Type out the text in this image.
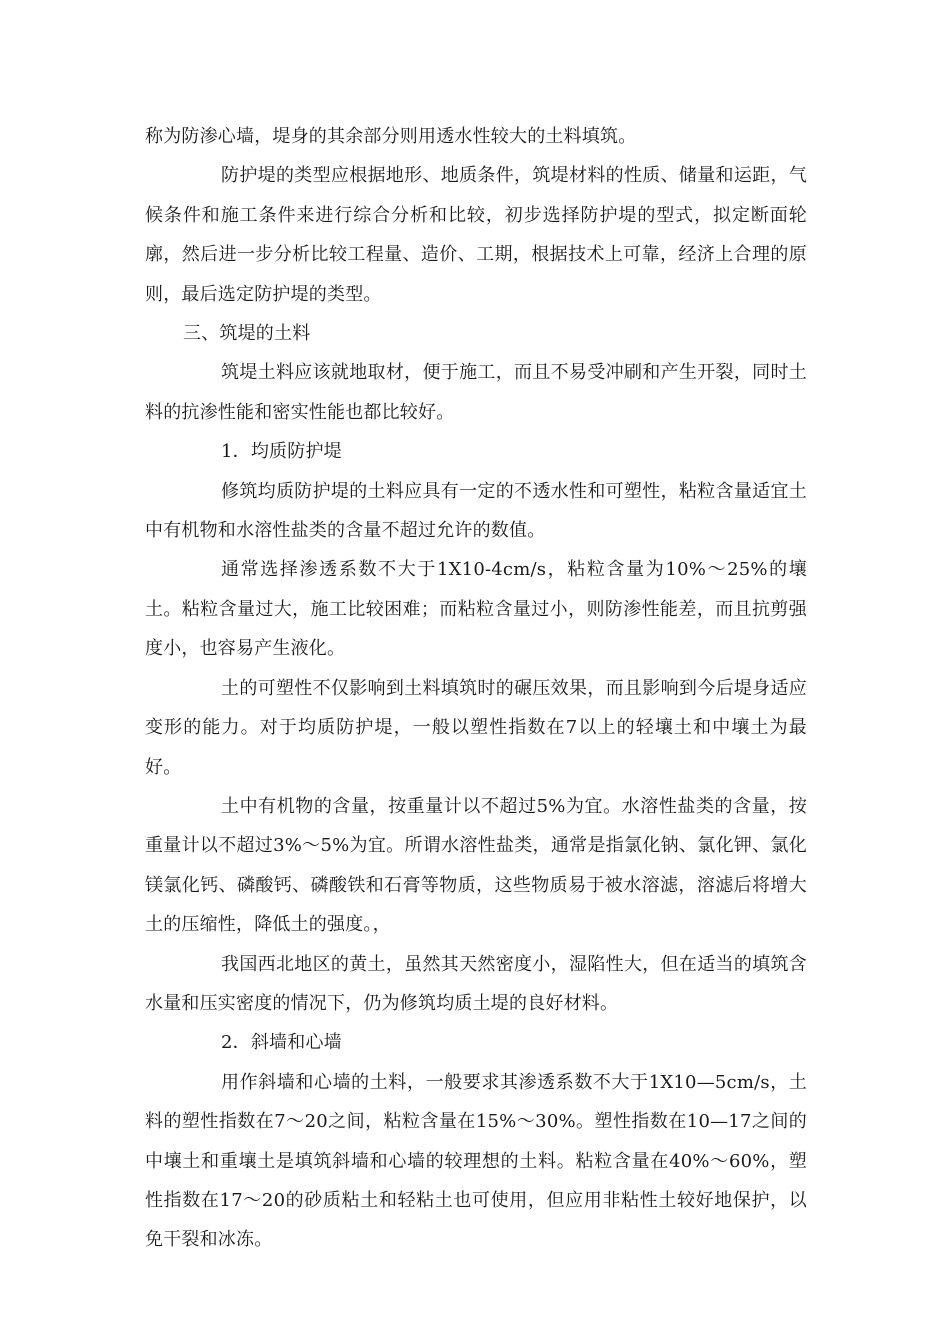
称为防渗心墙，堤身的其余部分则用透水性较大的土料填筑。

防护堤的类型应根据地形、地质条件，筑堤材料的性质、储量和运距，气候条件和施工条件来进行综合分析和比较，初步选择防护堤的型式，拟定断面轮廓，然后进一步分析比较工程量、造价、工期，根据技术上可靠，经济上合理的原则，最后选定防护堤的类型。

三、筑堤的土料

筑堤土料应该就地取材，便于施工，而且不易受冲刷和产生开裂，同时土料的抗渗性能和密实性能也都比较好。

1．均质防护堤

修筑均质防护堤的土料应具有一定的不透水性和可塑性，粘粒含量适宜土中有机物和水溶性盐类的含量不超过允许的数值。

通常选择渗透系数不大于1X10-4cm/s，粘粒含量为10%～25%的壤土。粘粒含量过大，施工比较困难；而粘粒含量过小，则防渗性能差，而且抗剪强度小，也容易产生液化。

土的可塑性不仅影响到土料填筑时的碾压效果，而且影响到今后堤身适应变形的能力。对于均质防护堤，一般以塑性指数在7以上的轻壤土和中壤土为最好。

土中有机物的含量，按重量计以不超过5%为宜。水溶性盐类的含量，按重量计以不超过3%～5%为宜。所谓水溶性盐类，通常是指氯化钠、氯化钾、氯化镁氯化钙、磷酸钙、磷酸铁和石膏等物质，这些物质易于被水溶滤，溶滤后将增大土的压缩性，降低土的强度。，

我国西北地区的黄土，虽然其天然密度小，湿陷性大，但在适当的填筑含水量和压实密度的情况下，仍为修筑均质土堤的良好材料。

2．斜墙和心墙

用作斜墙和心墙的土料，一般要求其渗透系数不大于1X10—5cm/s，土料的塑性指数在7～20之间，粘粒含量在15%～30%。塑性指数在10—17之间的中壤土和重壤土是填筑斜墙和心墙的较理想的土料。粘粒含量在40%～60%，塑性指数在17～20的砂质粘土和轻粘土也可使用，但应用非粘性土较好地保护，以免干裂和冰冻。
